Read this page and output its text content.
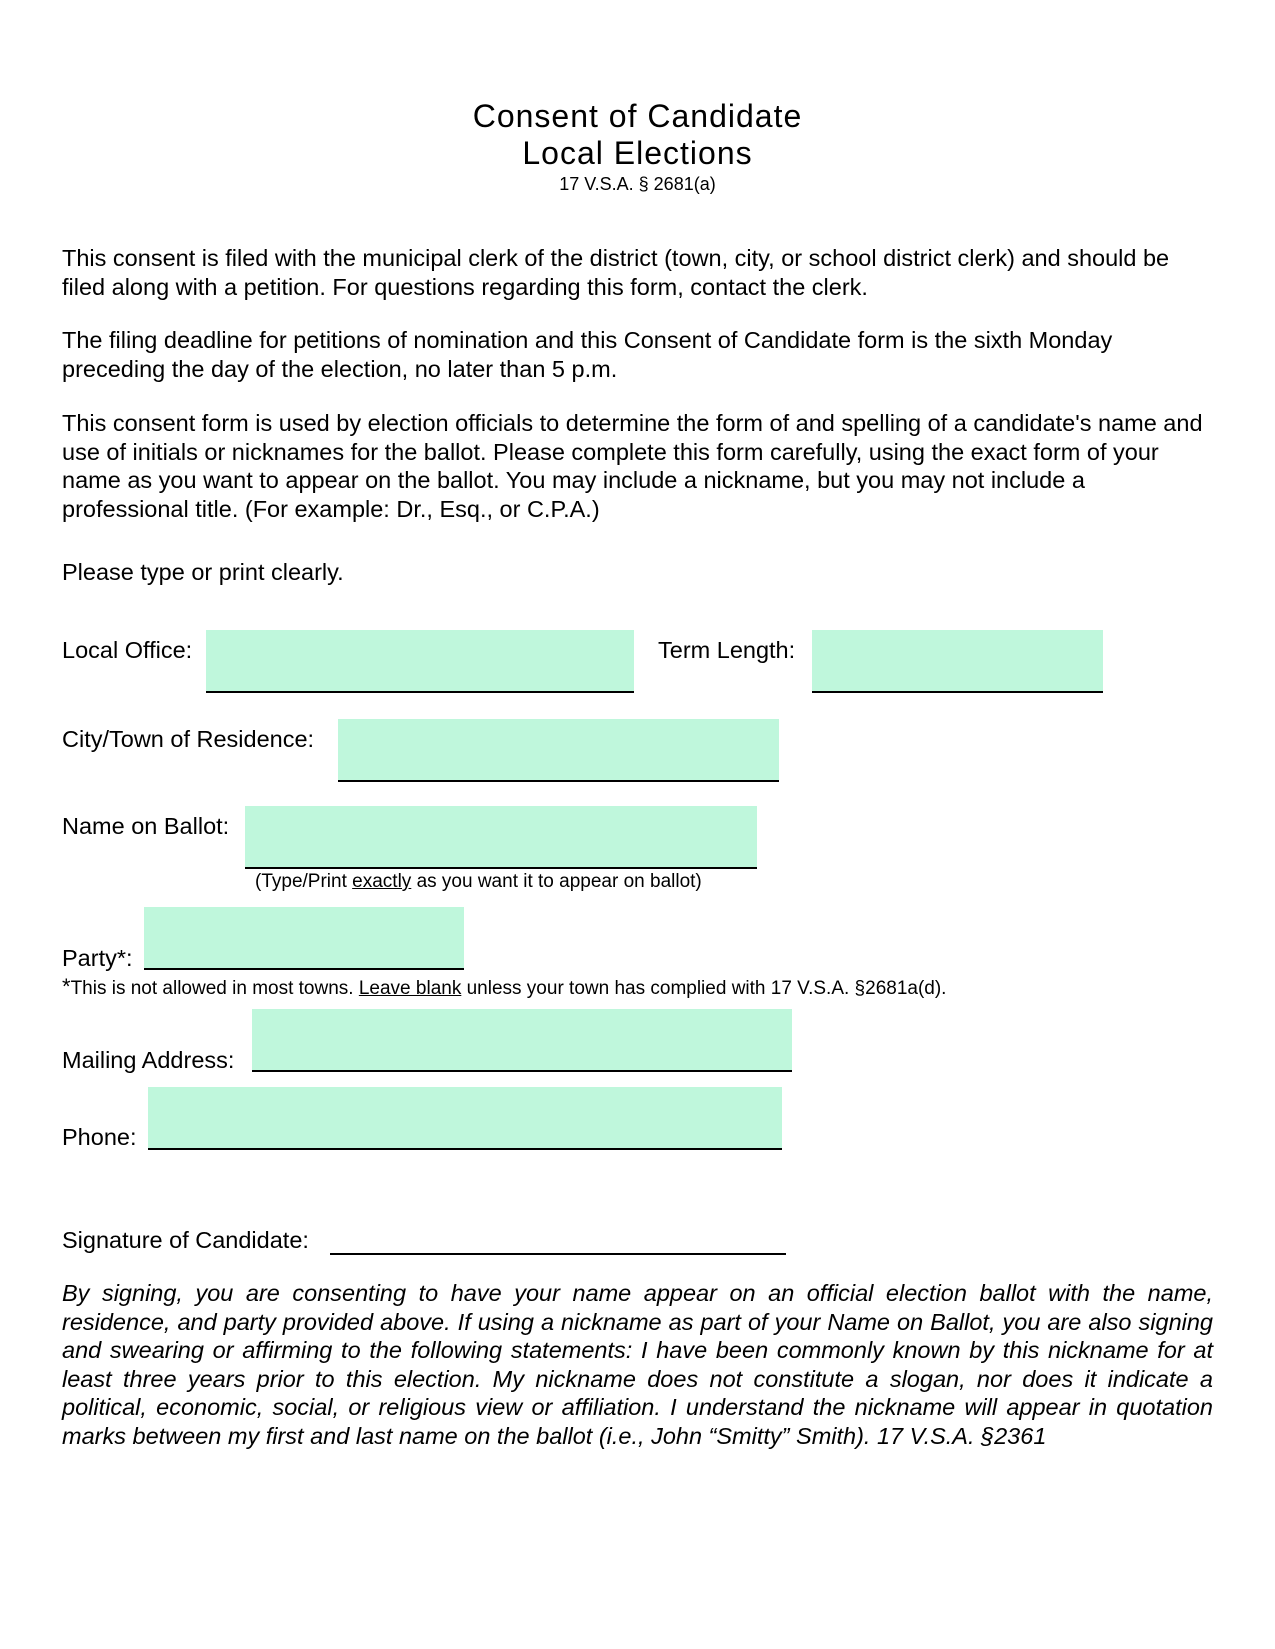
Consent of Candidate
Local Elections
17 V.S.A. § 2681(a)
This consent is filed with the municipal clerk of the district (town, city, or school district clerk) and should be filed along with a petition. For questions regarding this form, contact the clerk.
The filing deadline for petitions of nomination and this Consent of Candidate form is the sixth Monday preceding the day of the election, no later than 5 p.m.
This consent form is used by election officials to determine the form of and spelling of a candidate's name and use of initials or nicknames for the ballot. Please complete this form carefully, using the exact form of your name as you want to appear on the ballot. You may include a nickname, but you may not include a professional title. (For example: Dr., Esq., or C.P.A.)
Please type or print clearly.
Local Office:	Term Length:
City/Town of Residence:
Name on Ballot:
(Type/Print exactly as you want it to appear on ballot)
Party*:
*This is not allowed in most towns. Leave blank unless your town has complied with 17 V.S.A. §2681a(d).
Mailing Address:
Phone:
Signature of Candidate:
By signing, you are consenting to have your name appear on an official election ballot with the name, residence, and party provided above. If using a nickname as part of your Name on Ballot, you are also signing and swearing or affirming to the following statements: I have been commonly known by this nickname for at least three years prior to this election. My nickname does not constitute a slogan, nor does it indicate a political, economic, social, or religious view or affiliation. I understand the nickname will appear in quotation marks between my first and last name on the ballot (i.e., John “Smitty” Smith). 17 V.S.A. §2361
